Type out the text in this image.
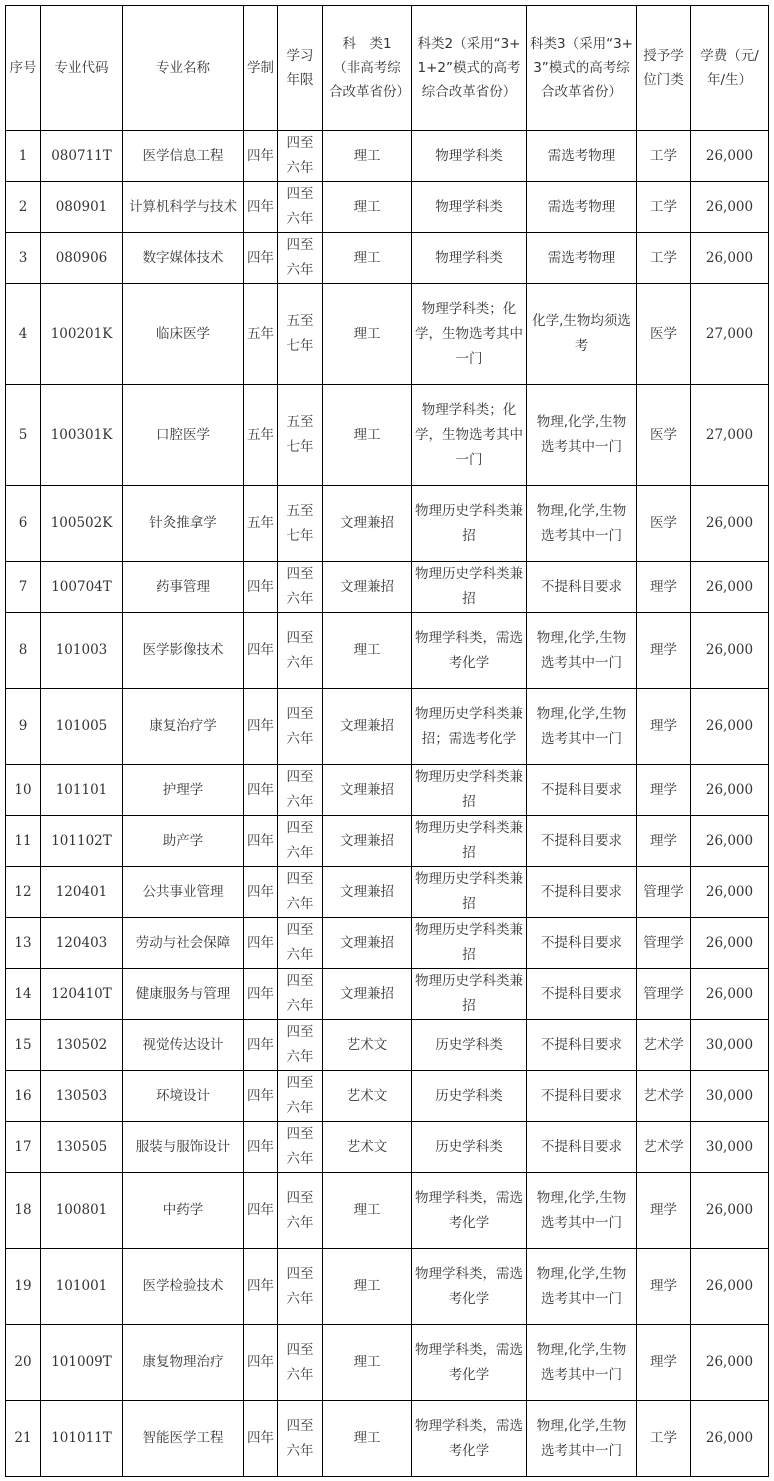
序号	专业代码	专业名称	学制	学习年限	科　类1（非高考综合改革省份）	科类2（采用“3+1+2”模式的高考综合改革省份）	科类3（采用“3+3”模式的高考综合改革省份）	授予学位门类	学费（元/年/生）
1	080711T	医学信息工程	四年	四至六年	理工	物理学科类	需选考物理	工学	26,000
2	080901	计算机科学与技术	四年	四至六年	理工	物理学科类	需选考物理	工学	26,000
3	080906	数字媒体技术	四年	四至六年	理工	物理学科类	需选考物理	工学	26,000
4	100201K	临床医学	五年	五至七年	理工	物理学科类；化学，生物选考其中一门	化学,生物均须选考	医学	27,000
5	100301K	口腔医学	五年	五至七年	理工	物理学科类；化学，生物选考其中一门	物理,化学,生物选考其中一门	医学	27,000
6	100502K	针灸推拿学	五年	五至七年	文理兼招	物理历史学科类兼招	物理,化学,生物选考其中一门	医学	26,000
7	100704T	药事管理	四年	四至六年	文理兼招	物理历史学科类兼招	不提科目要求	理学	26,000
8	101003	医学影像技术	四年	四至六年	理工	物理学科类，需选考化学	物理,化学,生物选考其中一门	理学	26,000
9	101005	康复治疗学	四年	四至六年	文理兼招	物理历史学科类兼招；需选考化学	物理,化学,生物选考其中一门	理学	26,000
10	101101	护理学	四年	四至六年	文理兼招	物理历史学科类兼招	不提科目要求	理学	26,000
11	101102T	助产学	四年	四至六年	文理兼招	物理历史学科类兼招	不提科目要求	理学	26,000
12	120401	公共事业管理	四年	四至六年	文理兼招	物理历史学科类兼招	不提科目要求	管理学	26,000
13	120403	劳动与社会保障	四年	四至六年	文理兼招	物理历史学科类兼招	不提科目要求	管理学	26,000
14	120410T	健康服务与管理	四年	四至六年	文理兼招	物理历史学科类兼招	不提科目要求	管理学	26,000
15	130502	视觉传达设计	四年	四至六年	艺术文	历史学科类	不提科目要求	艺术学	30,000
16	130503	环境设计	四年	四至六年	艺术文	历史学科类	不提科目要求	艺术学	30,000
17	130505	服装与服饰设计	四年	四至六年	艺术文	历史学科类	不提科目要求	艺术学	30,000
18	100801	中药学	四年	四至六年	理工	物理学科类，需选考化学	物理,化学,生物选考其中一门	理学	26,000
19	101001	医学检验技术	四年	四至六年	理工	物理学科类，需选考化学	物理,化学,生物选考其中一门	理学	26,000
20	101009T	康复物理治疗	四年	四至六年	理工	物理学科类，需选考化学	物理,化学,生物选考其中一门	理学	26,000
21	101011T	智能医学工程	四年	四至六年	理工	物理学科类，需选考化学	物理,化学,生物选考其中一门	工学	26,000
